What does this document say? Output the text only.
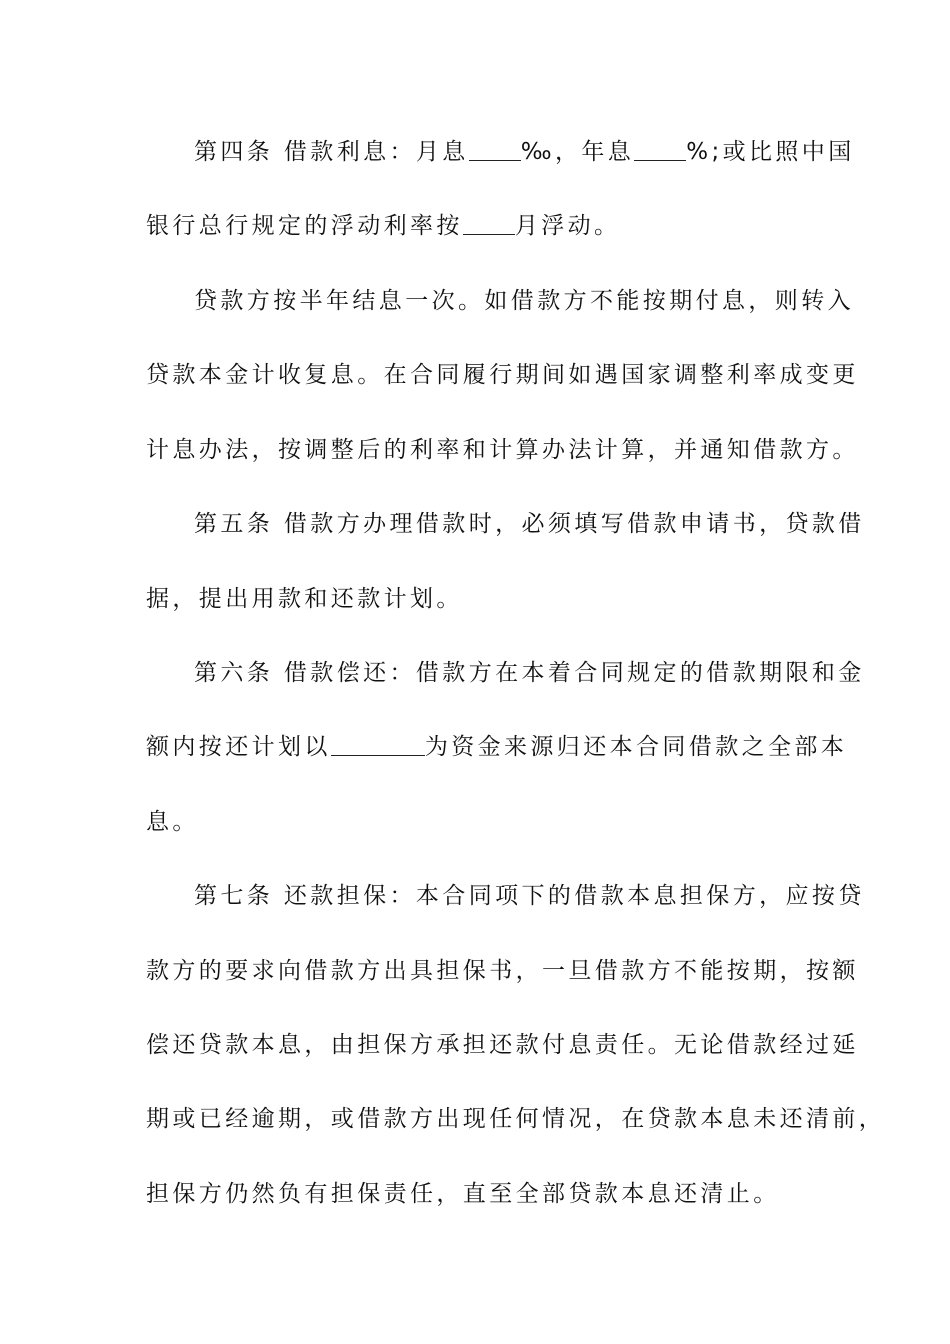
第四条 借款利息：月息 ‰，年息 %;或比照中国
银行总行规定的浮动利率按 月浮动。
贷款方按半年结息一次。如借款方不能按期付息，则转入
贷款本金计收复息。在合同履行期间如遇国家调整利率成变更
计息办法，按调整后的利率和计算办法计算，并通知借款方。
第五条 借款方办理借款时，必须填写借款申请书，贷款借
据，提出用款和还款计划。
第六条 借款偿还：借款方在本着合同规定的借款期限和金
额内按还计划以	为资金来源归还本合同借款之全部本
息。
第七条 还款担保：本合同项下的借款本息担保方，应按贷
款方的要求向借款方出具担保书，一旦借款方不能按期，按额
偿还贷款本息，由担保方承担还款付息责任。无论借款经过延
期或已经逾期，或借款方出现任何情况，在贷款本息未还清前，
担保方仍然负有担保责任，直至全部贷款本息还清止。
